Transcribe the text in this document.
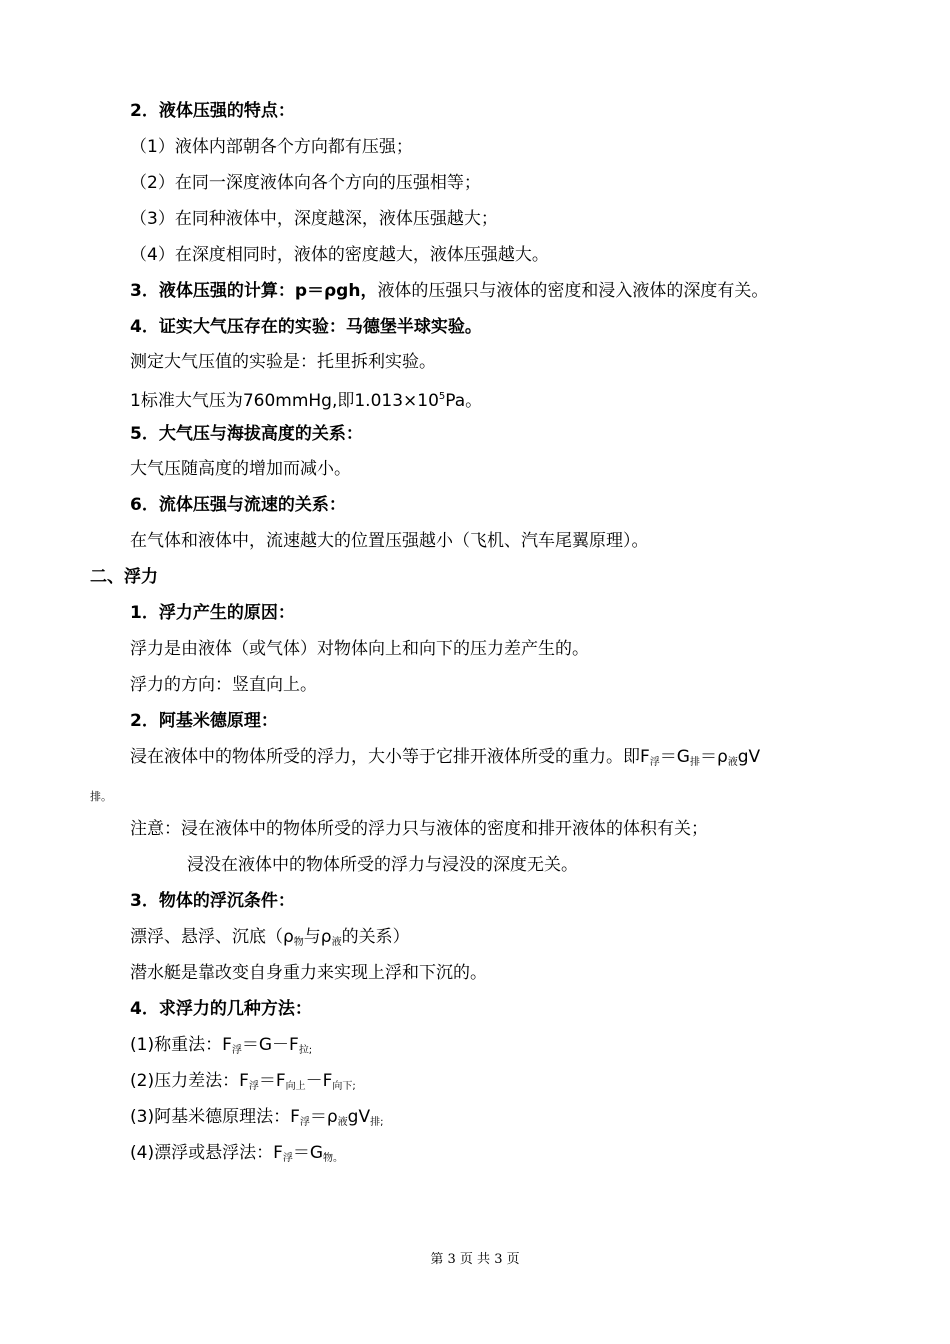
2．液体压强的特点：
（1）液体内部朝各个方向都有压强；
（2）在同一深度液体向各个方向的压强相等；
（3）在同种液体中，深度越深，液体压强越大；
（4）在深度相同时，液体的密度越大，液体压强越大。
3．液体压强的计算：p＝ρgh，液体的压强只与液体的密度和浸入液体的深度有关。
4．证实大气压存在的实验：马德堡半球实验。
测定大气压值的实验是：托里拆利实验。
1标准大气压为760mmHg,即$1.013\times 10^5Pa$。
5．大气压与海拔高度的关系：
大气压随高度的增加而减小。
6．流体压强与流速的关系：
在气体和液体中，流速越大的位置压强越小（飞机、汽车尾翼原理）。
二、浮力
1．浮力产生的原因：
浮力是由液体（或气体）对物体向上和向下的压力差产生的。
浮力的方向：竖直向上。
2．阿基米德原理：
浸在液体中的物体所受的浮力，大小等于它排开液体所受的重力。即$F_浮=G_排=\rho_液gV$
排。
注意：浸在液体中的物体所受的浮力只与液体的密度和排开液体的体积有关；
浸没在液体中的物体所受的浮力与浸没的深度无关。
3．物体的浮沉条件：
漂浮、悬浮、沉底（$\rho_物$与$\rho_液$的关系）
潜水艇是靠改变自身重力来实现上浮和下沉的。
4．求浮力的几种方法：
(1)称重法：$F_浮=G-F_{拉;}$
(2)压力差法：$F_浮=F_{向上}-F_{向下;}$
(3)阿基米德原理法：$F_浮=\rho_液gV_{排;}$
(4)漂浮或悬浮法：$F_浮=G_{物。}$
第 3 页 共 3 页
